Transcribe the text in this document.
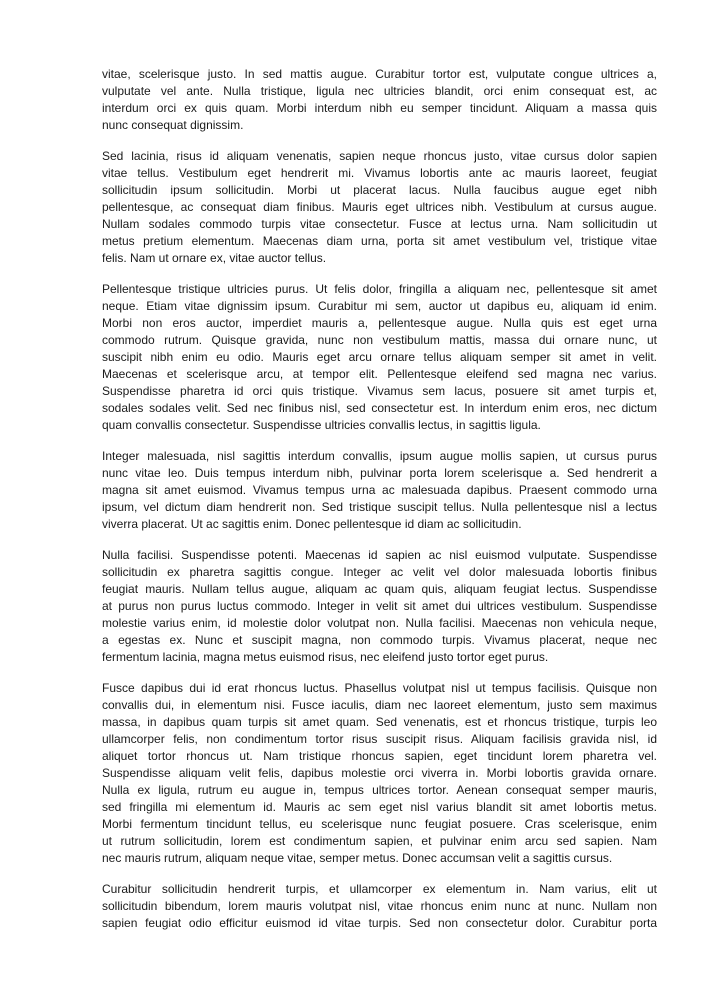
vitae, scelerisque justo. In sed mattis augue. Curabitur tortor est, vulputate congue ultrices a,
vulputate vel ante. Nulla tristique, ligula nec ultricies blandit, orci enim consequat est, ac
interdum orci ex quis quam. Morbi interdum nibh eu semper tincidunt. Aliquam a massa quis
nunc consequat dignissim.
Sed lacinia, risus id aliquam venenatis, sapien neque rhoncus justo, vitae cursus dolor sapien
vitae tellus. Vestibulum eget hendrerit mi. Vivamus lobortis ante ac mauris laoreet, feugiat
sollicitudin ipsum sollicitudin. Morbi ut placerat lacus. Nulla faucibus augue eget nibh
pellentesque, ac consequat diam finibus. Mauris eget ultrices nibh. Vestibulum at cursus augue.
Nullam sodales commodo turpis vitae consectetur. Fusce at lectus urna. Nam sollicitudin ut
metus pretium elementum. Maecenas diam urna, porta sit amet vestibulum vel, tristique vitae
felis. Nam ut ornare ex, vitae auctor tellus.
Pellentesque tristique ultricies purus. Ut felis dolor, fringilla a aliquam nec, pellentesque sit amet
neque. Etiam vitae dignissim ipsum. Curabitur mi sem, auctor ut dapibus eu, aliquam id enim.
Morbi non eros auctor, imperdiet mauris a, pellentesque augue. Nulla quis est eget urna
commodo rutrum. Quisque gravida, nunc non vestibulum mattis, massa dui ornare nunc, ut
suscipit nibh enim eu odio. Mauris eget arcu ornare tellus aliquam semper sit amet in velit.
Maecenas et scelerisque arcu, at tempor elit. Pellentesque eleifend sed magna nec varius.
Suspendisse pharetra id orci quis tristique. Vivamus sem lacus, posuere sit amet turpis et,
sodales sodales velit. Sed nec finibus nisl, sed consectetur est. In interdum enim eros, nec dictum
quam convallis consectetur. Suspendisse ultricies convallis lectus, in sagittis ligula.
Integer malesuada, nisl sagittis interdum convallis, ipsum augue mollis sapien, ut cursus purus
nunc vitae leo. Duis tempus interdum nibh, pulvinar porta lorem scelerisque a. Sed hendrerit a
magna sit amet euismod. Vivamus tempus urna ac malesuada dapibus. Praesent commodo urna
ipsum, vel dictum diam hendrerit non. Sed tristique suscipit tellus. Nulla pellentesque nisl a lectus
viverra placerat. Ut ac sagittis enim. Donec pellentesque id diam ac sollicitudin.
Nulla facilisi. Suspendisse potenti. Maecenas id sapien ac nisl euismod vulputate. Suspendisse
sollicitudin ex pharetra sagittis congue. Integer ac velit vel dolor malesuada lobortis finibus
feugiat mauris. Nullam tellus augue, aliquam ac quam quis, aliquam feugiat lectus. Suspendisse
at purus non purus luctus commodo. Integer in velit sit amet dui ultrices vestibulum. Suspendisse
molestie varius enim, id molestie dolor volutpat non. Nulla facilisi. Maecenas non vehicula neque,
a egestas ex. Nunc et suscipit magna, non commodo turpis. Vivamus placerat, neque nec
fermentum lacinia, magna metus euismod risus, nec eleifend justo tortor eget purus.
Fusce dapibus dui id erat rhoncus luctus. Phasellus volutpat nisl ut tempus facilisis. Quisque non
convallis dui, in elementum nisi. Fusce iaculis, diam nec laoreet elementum, justo sem maximus
massa, in dapibus quam turpis sit amet quam. Sed venenatis, est et rhoncus tristique, turpis leo
ullamcorper felis, non condimentum tortor risus suscipit risus. Aliquam facilisis gravida nisl, id
aliquet tortor rhoncus ut. Nam tristique rhoncus sapien, eget tincidunt lorem pharetra vel.
Suspendisse aliquam velit felis, dapibus molestie orci viverra in. Morbi lobortis gravida ornare.
Nulla ex ligula, rutrum eu augue in, tempus ultrices tortor. Aenean consequat semper mauris,
sed fringilla mi elementum id. Mauris ac sem eget nisl varius blandit sit amet lobortis metus.
Morbi fermentum tincidunt tellus, eu scelerisque nunc feugiat posuere. Cras scelerisque, enim
ut rutrum sollicitudin, lorem est condimentum sapien, et pulvinar enim arcu sed sapien. Nam
nec mauris rutrum, aliquam neque vitae, semper metus. Donec accumsan velit a sagittis cursus.
Curabitur sollicitudin hendrerit turpis, et ullamcorper ex elementum in. Nam varius, elit ut
sollicitudin bibendum, lorem mauris volutpat nisl, vitae rhoncus enim nunc at nunc. Nullam non
sapien feugiat odio efficitur euismod id vitae turpis. Sed non consectetur dolor. Curabitur porta
